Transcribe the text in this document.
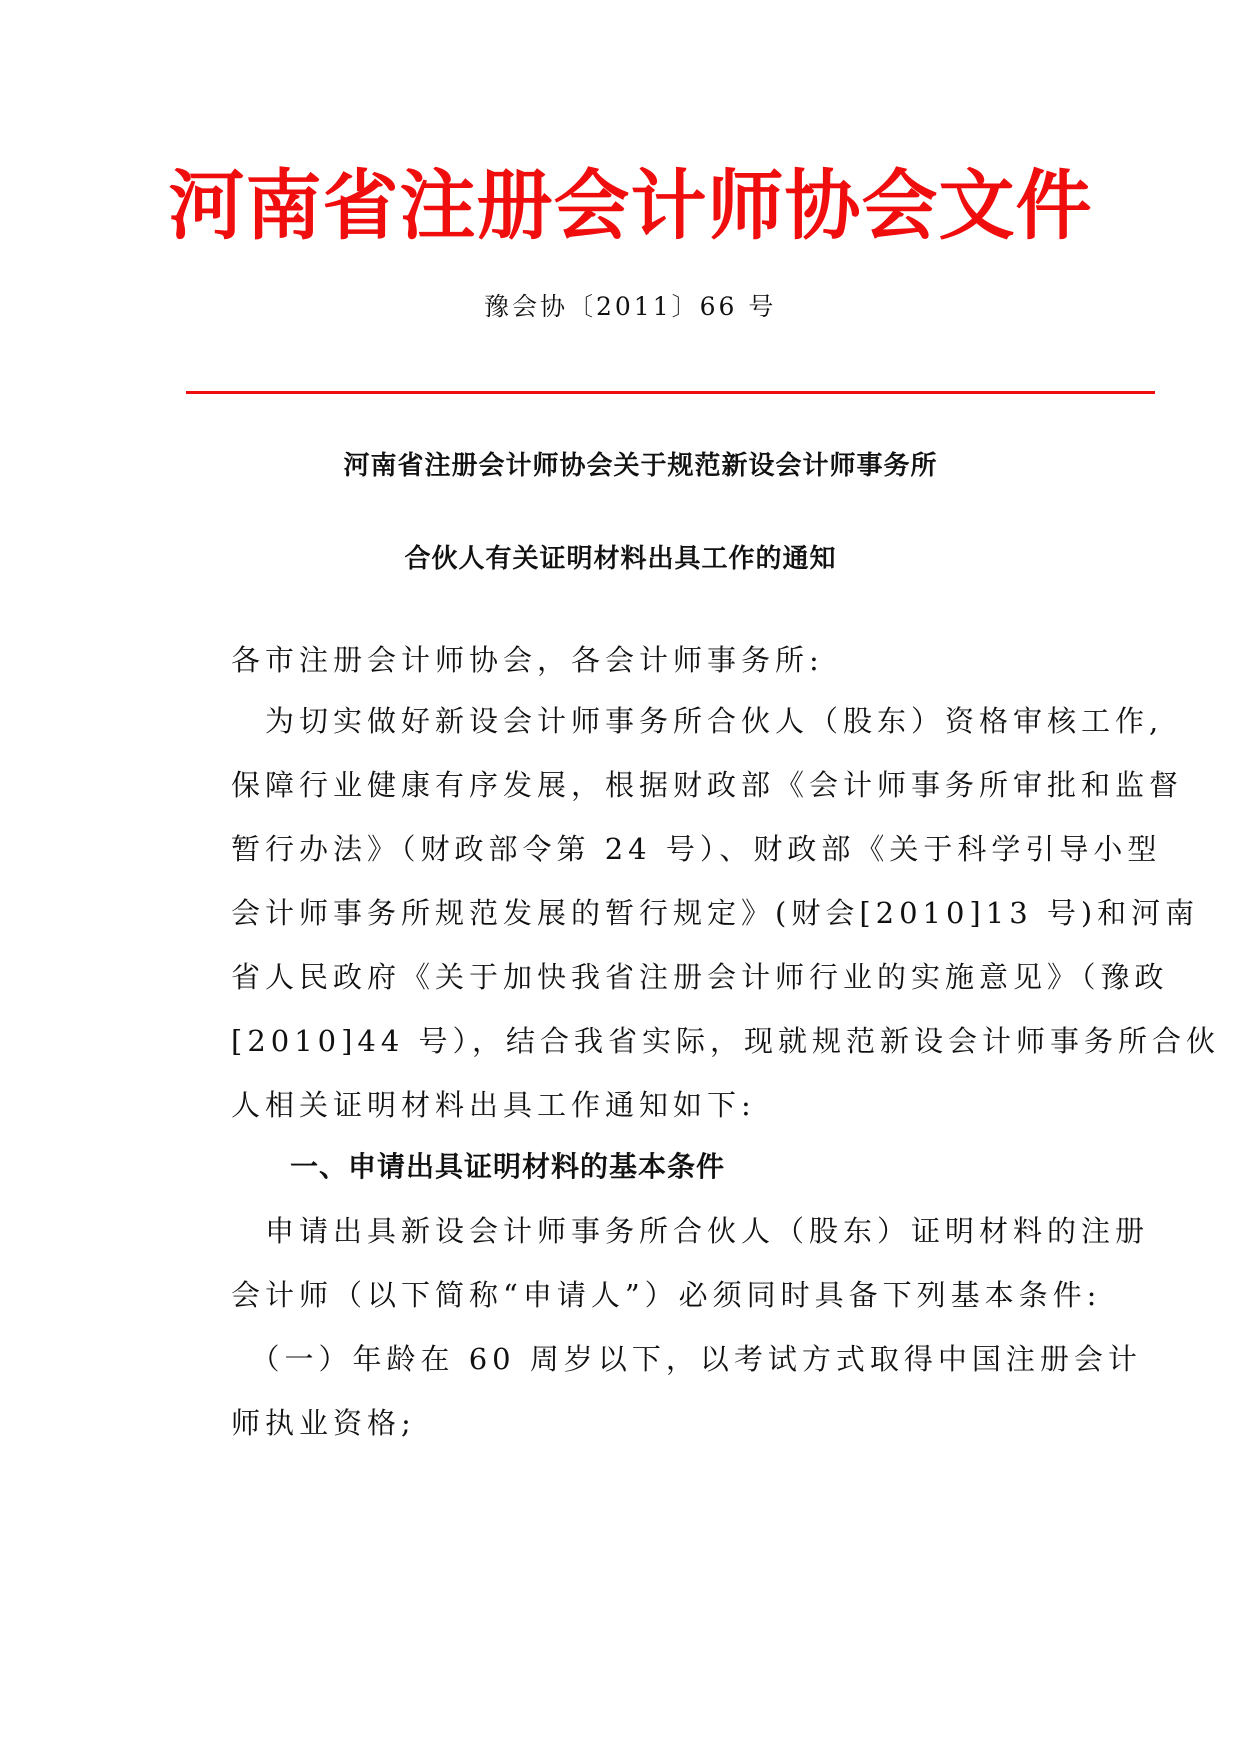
河南省注册会计师协会文件
豫会协〔2011〕66 号
河南省注册会计师协会关于规范新设会计师事务所
合伙人有关证明材料出具工作的通知
各市注册会计师协会，各会计师事务所:
　为切实做好新设会计师事务所合伙人（股东）资格审核工作,
保障行业健康有序发展，根据财政部《会计师事务所审批和监督
暂行办法》（财政部令第 24 号）、财政部《关于科学引导小型
会计师事务所规范发展的暂行规定》(财会[2010]13 号)和河南
省人民政府《关于加快我省注册会计师行业的实施意见》（豫政
[2010]44 号），结合我省实际，现就规范新设会计师事务所合伙
人相关证明材料出具工作通知如下:
一、申请出具证明材料的基本条件
　申请出具新设会计师事务所合伙人（股东）证明材料的注册
会计师（以下简称“申请人”）必须同时具备下列基本条件:
　（一）年龄在 60 周岁以下，以考试方式取得中国注册会计
师执业资格;
